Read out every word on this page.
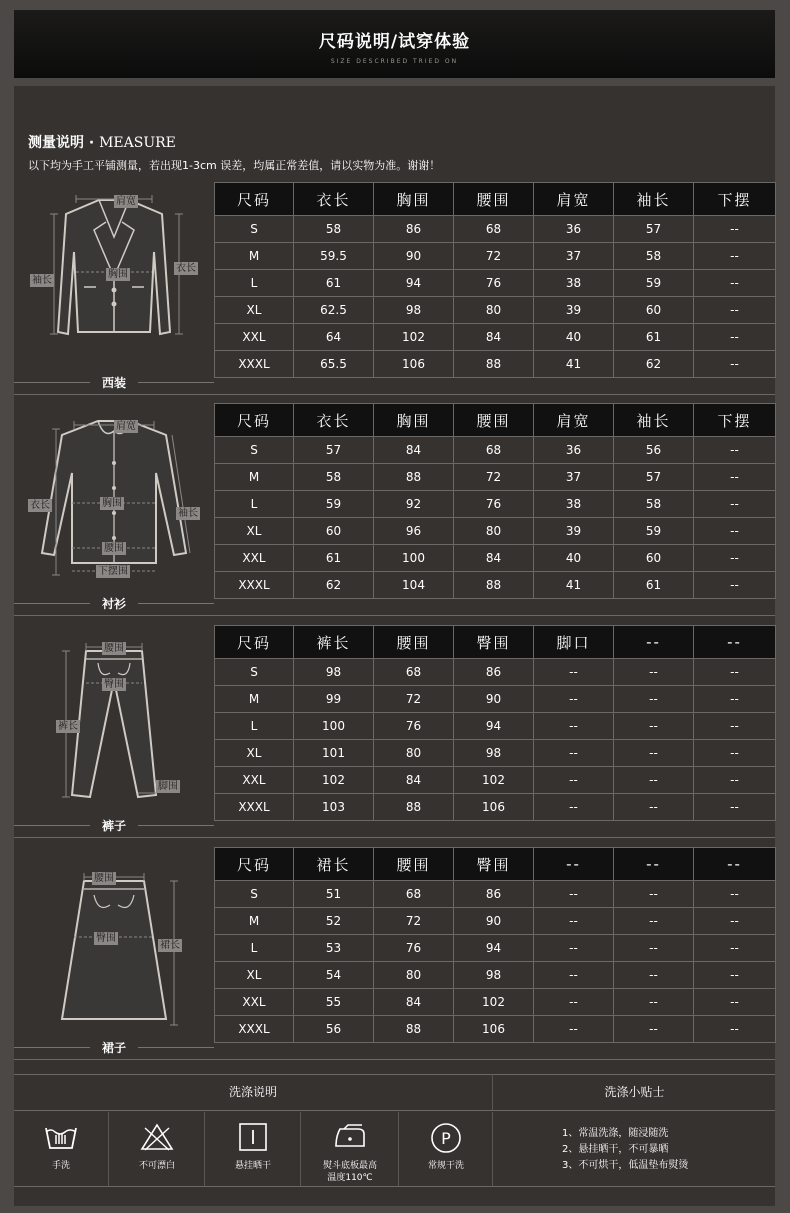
尺码说明/试穿体验
SIZE DESCRIBED TRIED ON
测量说明 · MEASURE
以下均为手工平铺测量，若出现1-3cm 误差，均属正常差值，请以实物为准。谢谢！
肩宽
袖长
胸围
衣长
西装
尺码	衣长	胸围	腰围	肩宽	袖长	下摆
S	58	86	68	36	57	--
M	59.5	90	72	37	58	--
L	61	94	76	38	59	--
XL	62.5	98	80	39	60	--
XXL	64	102	84	40	61	--
XXXL	65.5	106	88	41	62	--
肩宽
衣长	胸围
袖长
腰围
下摆围
衬衫
尺码	衣长	胸围	腰围	肩宽	袖长	下摆
S	57	84	68	36	56	--
M	58	88	72	37	57	--
L	59	92	76	38	58	--
XL	60	96	80	39	59	--
XXL	61	100	84	40	60	--
XXXL	62	104	88	41	61	--
腰围
臀围
裤长
脚围
裤子
尺码	裤长	腰围	臀围	脚口	--	--
S	98	68	86	--	--	--
M	99	72	90	--	--	--
L	100	76	94	--	--	--
XL	101	80	98	--	--	--
XXL	102	84	102	--	--	--
XXXL	103	88	106	--	--	--
腰围
臀围
裙长
裙子
尺码	裙长	腰围	臀围	--	--	--
S	51	68	86	--	--	--
M	52	72	90	--	--	--
L	53	76	94	--	--	--
XL	54	80	98	--	--	--
XXL	55	84	102	--	--	--
XXXL	56	88	106	--	--	--
洗涤说明	洗涤小贴士
手洗	不可漂白	悬挂晒干	熨斗底板最高
温度110℃
P
常规干洗
1、常温洗涤，随浸随洗
2、悬挂晒干，不可暴晒
3、不可烘干，低温垫布熨烫
